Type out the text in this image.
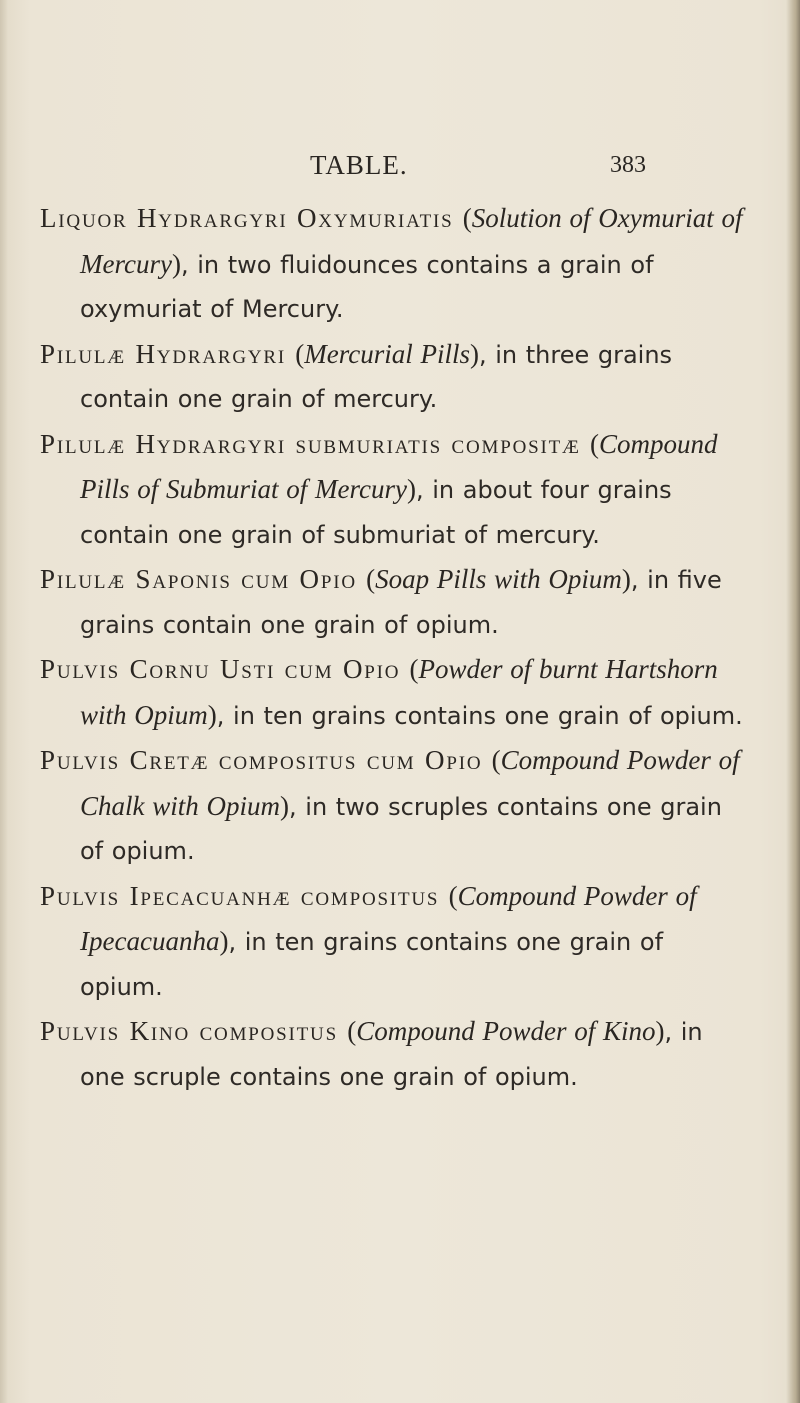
TABLE.	383

Liquor Hydrargyri Oxymuriatis (Solution of Oxymuriat of Mercury), in two fluidounces contains a grain of oxymuriat of Mercury.

Pilulæ Hydrargyri (Mercurial Pills), in three grains contain one grain of mercury.

Pilulæ Hydrargyri submuriatis compositæ (Compound Pills of Submuriat of Mercury), in about four grains contain one grain of submuriat of mercury.

Pilulæ Saponis cum Opio (Soap Pills with Opium), in five grains contain one grain of opium.

Pulvis Cornu Usti cum Opio (Powder of burnt Hartshorn with Opium), in ten grains contains one grain of opium.

Pulvis Cretæ compositus cum Opio (Compound Powder of Chalk with Opium), in two scruples contains one grain of opium.

Pulvis Ipecacuanhæ compositus (Compound Powder of Ipecacuanha), in ten grains contains one grain of opium.

Pulvis Kino compositus (Compound Powder of Kino), in one scruple contains one grain of opium.
